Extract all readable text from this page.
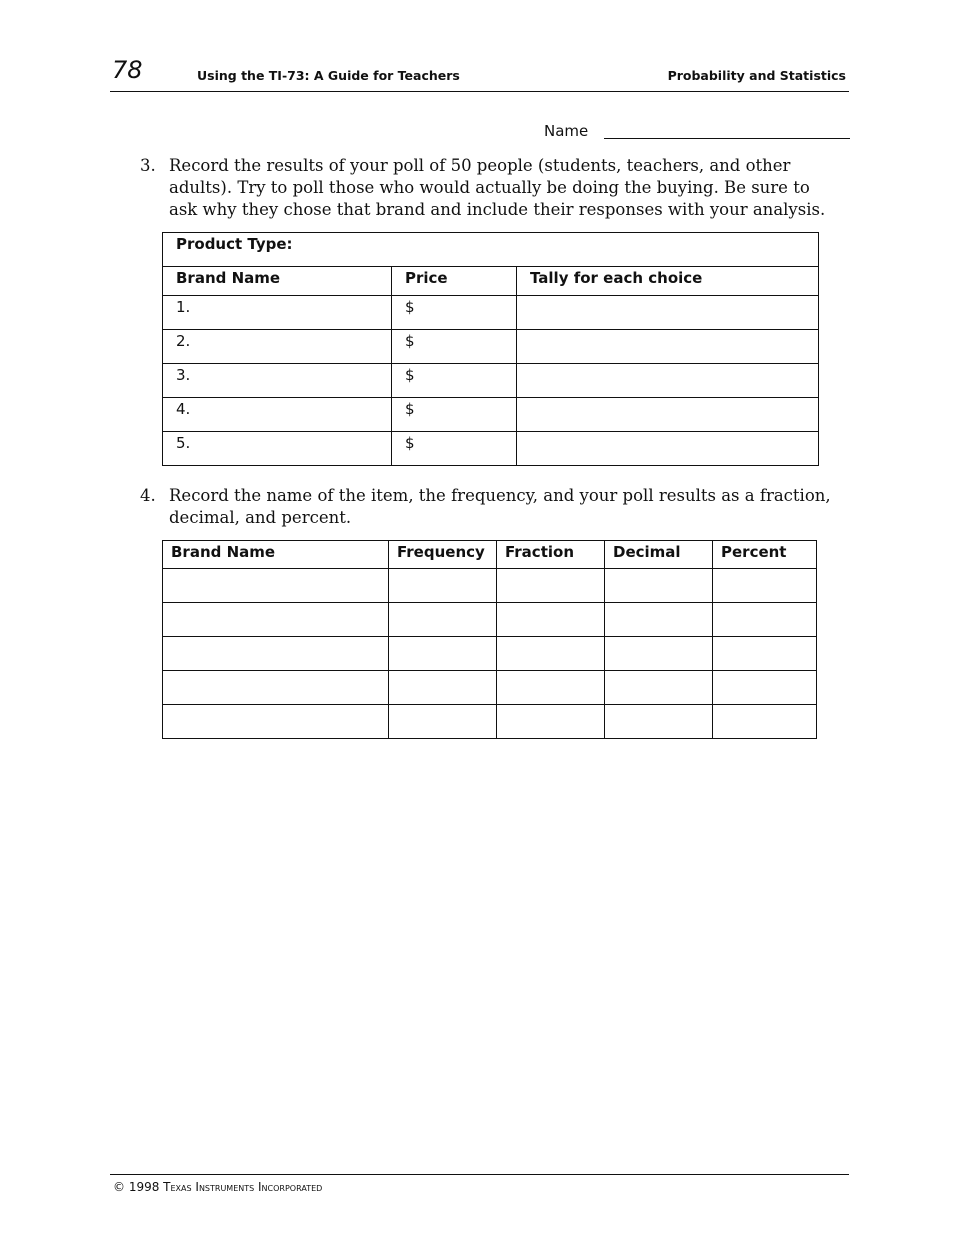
78	Using the TI-73: A Guide for Teachers	Probability and Statistics
Name
3. Record the results of your poll of 50 people (students, teachers, and other adults). Try to poll those who would actually be doing the buying. Be sure to ask why they chose that brand and include their responses with your analysis.
Product Type:		
Brand Name	Price	Tally for each choice
1.	$	
2.	$	
3.	$	
4.	$	
5.	$	
4. Record the name of the item, the frequency, and your poll results as a fraction, decimal, and percent.
Brand Name	Frequency	Fraction	Decimal	Percent

© 1998 Texas Instruments Incorporated
